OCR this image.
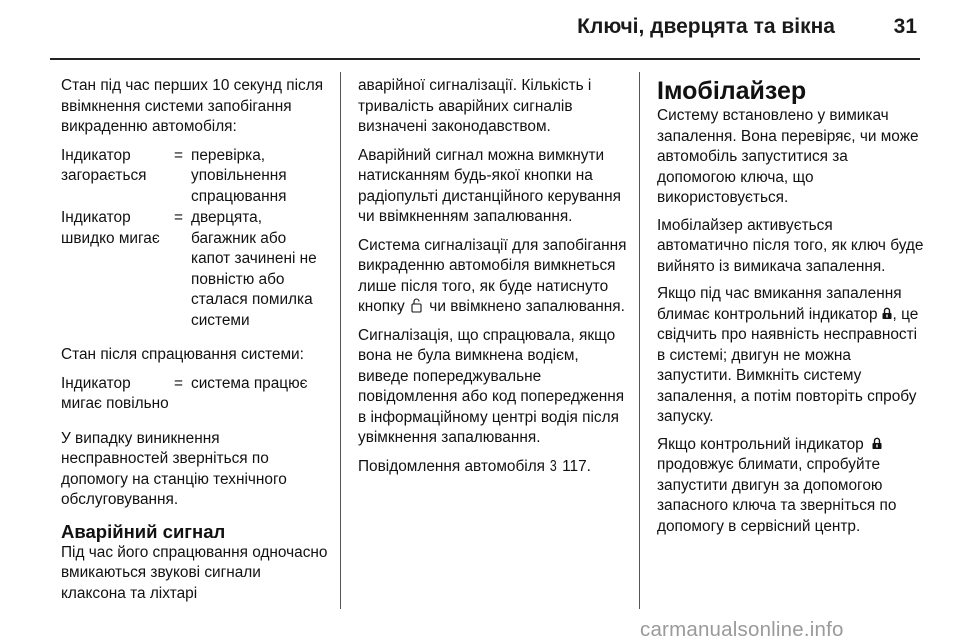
Ключі, дверцята та вікна	31

Стан під час перших 10 секунд після ввімкнення системи запобігання викраденню автомобіля:

Індикатор загорається	=	перевірка, уповільнення спрацювання
Індикатор швидко мигає	=	дверцята, багажник або капот зачинені не повністю або сталася помилка системи

Стан після спрацювання системи:

Індикатор мигає повільно	=	система працює

У випадку виникнення несправностей зверніться по допомогу на станцію технічного обслуговування.

Аварійний сигнал

Під час його спрацювання одночасно вмикаються звукові сигнали клаксона та ліхтарі

аварійної сигналізації. Кількість і тривалість аварійних сигналів визначені законодавством.

Аварійний сигнал можна вимкнути натисканням будь-якої кнопки на радіопульті дистанційного керування чи ввімкненням запалювання.

Система сигналізації для запобігання викраденню автомобіля вимкнеться лише після того, як буде натиснуто кнопку чи ввімкнено запалювання.

Сигналізація, що спрацювала, якщо вона не була вимкнена водієм, виведе попереджувальне повідомлення або код попередження в інформаційному центрі водія після увімкнення запалювання.

Повідомлення автомобіля 3 117.

Імобілайзер

Систему встановлено у вимикач запалення. Вона перевіряє, чи може автомобіль запуститися за допомогою ключа, що використовується.

Імобілайзер активується автоматично після того, як ключ буде вийнято із вимикача запалення.

Якщо під час вмикання запалення блимає контрольний індикатор , це свідчить про наявність несправності в системі; двигун не можна запустити. Вимкніть систему запалення, а потім повторіть спробу запуску.

Якщо контрольний індикатор  продовжує блимати, спробуйте запустити двигун за допомогою запасного ключа та зверніться по допомогу в сервісний центр.

carmanualsonline.info
